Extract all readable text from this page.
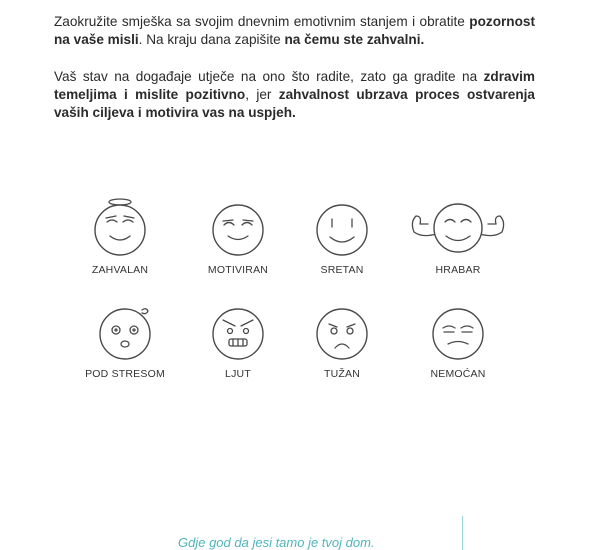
Zaokružite smješka sa svojim dnevnim emotivnim stanjem i obratite pozornost na vaše misli. Na kraju dana zapišite na čemu ste zahvalni.

Vaš stav na događaje utječe na ono što radite, zato ga gradite na zdravim temeljima i mislite pozitivno, jer zahvalnost ubrzava proces ostvarenja vaših ciljeva i motivira vas na uspjeh.

ZAHVALAN	MOTIVIRAN	SRETAN	HRABAR
POD STRESOM	LJUT	TUŽAN	NEMOĆAN
Gdje god da jesi tamo je tvoj dom.
